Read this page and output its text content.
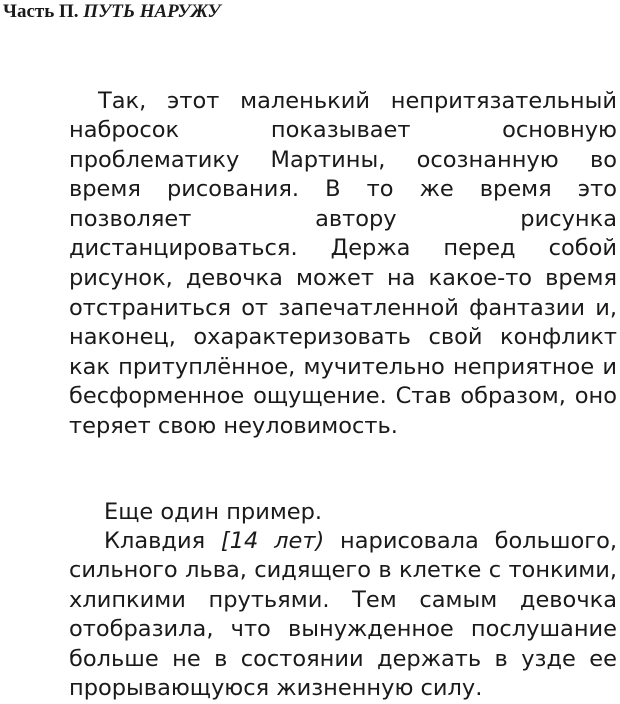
Часть П. ПУТЬ НАРУЖУ

Так, этот маленький непритязательный набросок показывает основную проблематику Мартины, осознанную во время рисования. В то же время это позволяет автору рисунка дистанцироваться. Держа перед собой рисунок, девочка может на какое-то время отстраниться от запечатленной фантазии и, наконец, охарактеризовать свой конфликт как притуплённое, мучительно неприятное и бесформенное ощущение. Став образом, оно теряет свою неуловимость.

Еще один пример.

Клавдия [14 лет) нарисовала большого, сильного льва, сидящего в клетке с тонкими, хлипкими прутьями. Тем самым девочка отобразила, что вынужденное послушание больше не в состоянии держать в узде ее прорывающуюся жизненную силу.
